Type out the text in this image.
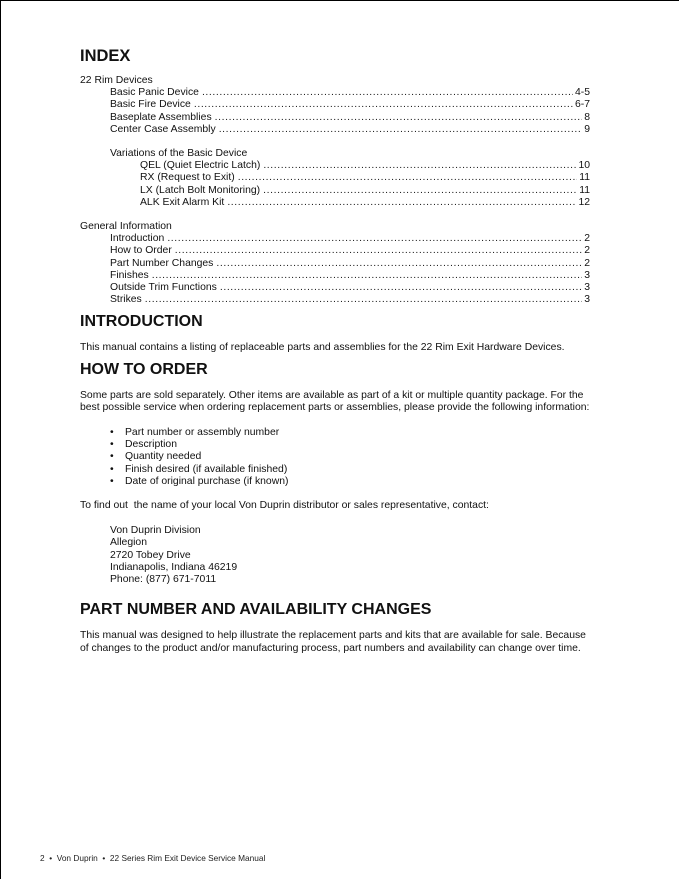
INDEX
22 Rim Devices
Basic Panic Device .....	4-5
Basic Fire Device .....	6-7
Baseplate Assemblies .....	8
Center Case Assembly .....	9
Variations of the Basic Device
QEL (Quiet Electric Latch) .....	10
RX (Request to Exit) .....	11
LX (Latch Bolt Monitoring) .....	11
ALK Exit Alarm Kit .....	12
General Information
Introduction .....	2
How to Order .....	2
Part Number Changes .....	2
Finishes .....	3
Outside Trim Functions .....	3
Strikes .....	3
INTRODUCTION

This manual contains a listing of replaceable parts and assemblies for the 22 Rim Exit Hardware Devices.

HOW TO ORDER

Some parts are sold separately. Other items are available as part of a kit or multiple quantity package. For the best possible service when ordering replacement parts or assemblies, please provide the following information:

• Part number or assembly number
• Description
• Quantity needed
• Finish desired (if available finished)
• Date of original purchase (if known)

To find out  the name of your local Von Duprin distributor or sales representative, contact:

Von Duprin Division
Allegion
2720 Tobey Drive
Indianapolis, Indiana 46219
Phone: (877) 671-7011
PART NUMBER AND AVAILABILITY CHANGES

This manual was designed to help illustrate the replacement parts and kits that are available for sale. Because of changes to the product and/or manufacturing process, part numbers and availability can change over time.

2  •  Von Duprin  •  22 Series Rim Exit Device Service Manual
